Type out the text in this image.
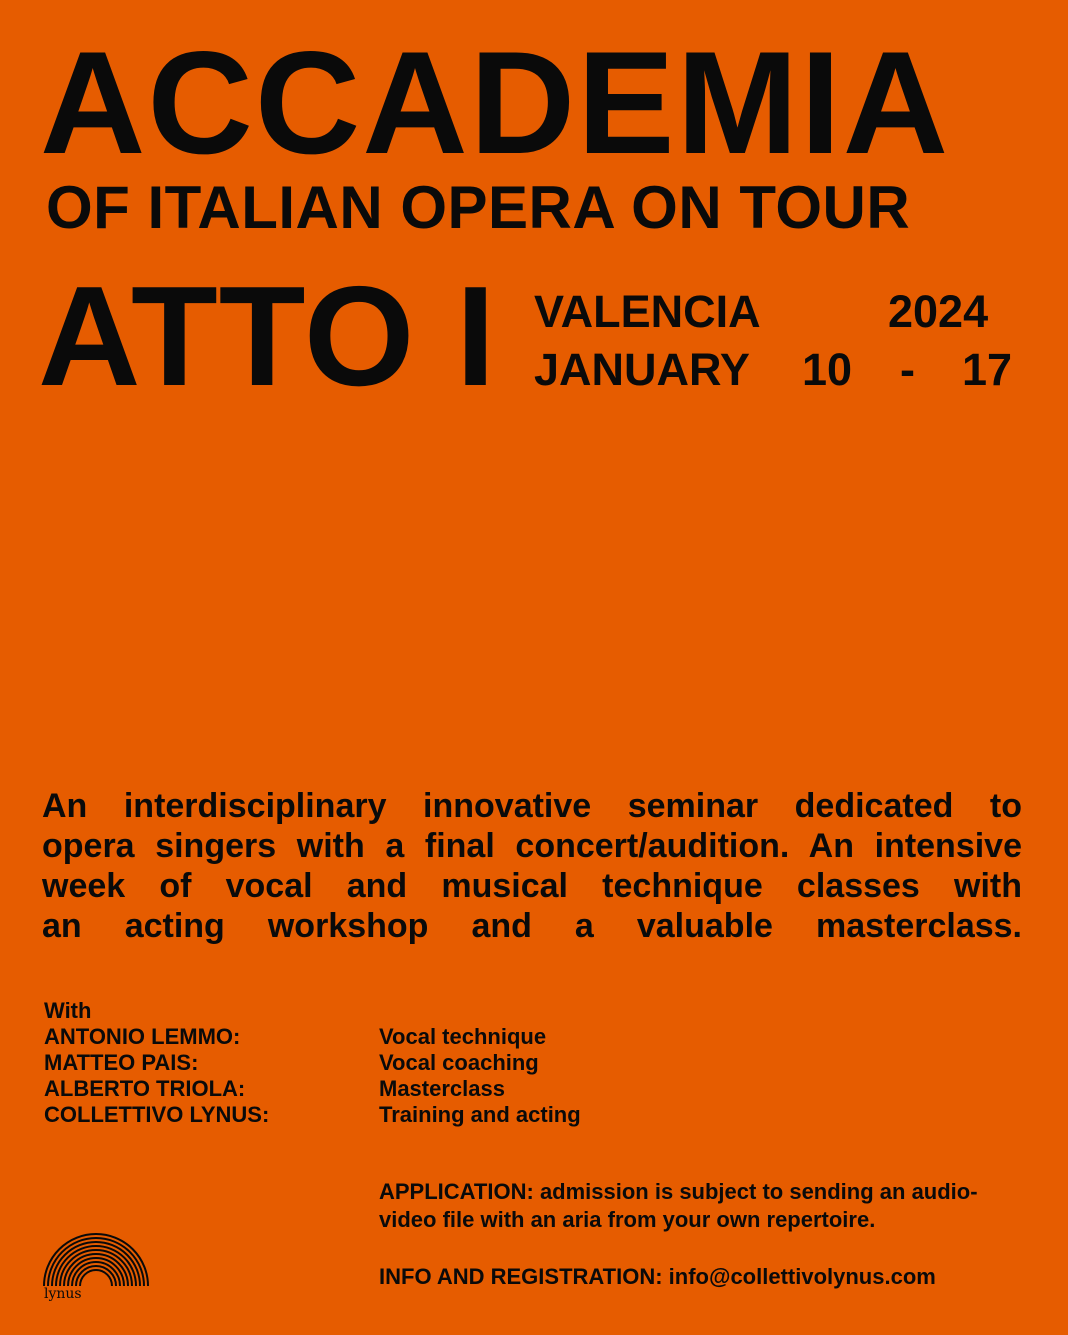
ACCADEMIA
OF ITALIAN OPERA ON TOUR
ATTO I VALENCIA	2024
JANUARY 10 - 17
An interdisciplinary innovative seminar dedicated to
opera singers with a final concert/audition. An intensive
week of vocal and musical technique classes with
an acting workshop and a valuable masterclass.
With
ANTONIO LEMMO:	Vocal technique
MATTEO PAIS:	Vocal coaching
ALBERTO TRIOLA:	Masterclass
COLLETTIVO LYNUS:	Training and acting
APPLICATION: admission is subject to sending an audio-video file with an aria from your own repertoire.
INFO AND REGISTRATION: info@collettivolynus.com
lynus
